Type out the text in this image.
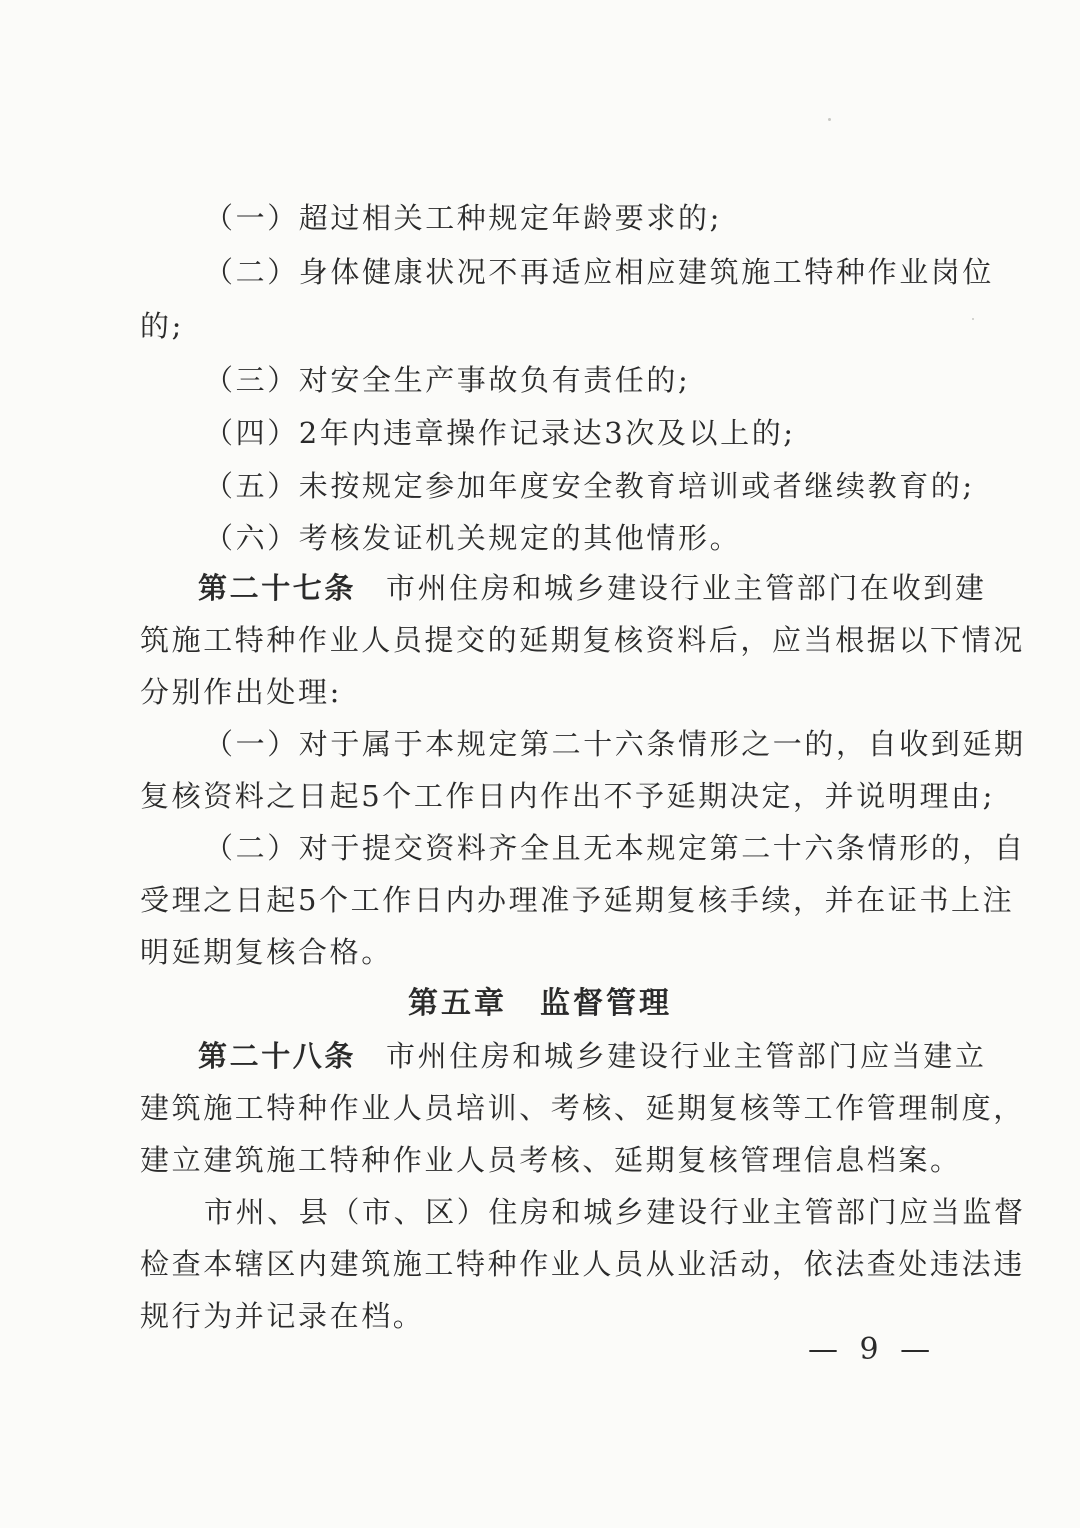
（一）超过相关工种规定年龄要求的;
（二）身体健康状况不再适应相应建筑施工特种作业岗位
的;
（三）对安全生产事故负有责任的;
（四）2年内违章操作记录达3次及以上的;
（五）未按规定参加年度安全教育培训或者继续教育的;
（六）考核发证机关规定的其他情形。
第二十七条 市州住房和城乡建设行业主管部门在收到建
筑施工特种作业人员提交的延期复核资料后，应当根据以下情况
分别作出处理:
（一）对于属于本规定第二十六条情形之一的，自收到延期
复核资料之日起5个工作日内作出不予延期决定，并说明理由;
（二）对于提交资料齐全且无本规定第二十六条情形的，自
受理之日起5个工作日内办理准予延期复核手续，并在证书上注
明延期复核合格。
第五章　监督管理
第二十八条 市州住房和城乡建设行业主管部门应当建立
建筑施工特种作业人员培训、考核、延期复核等工作管理制度，
建立建筑施工特种作业人员考核、延期复核管理信息档案。
市州、县（市、区）住房和城乡建设行业主管部门应当监督
检查本辖区内建筑施工特种作业人员从业活动，依法查处违法违
规行为并记录在档。
— 9 —
